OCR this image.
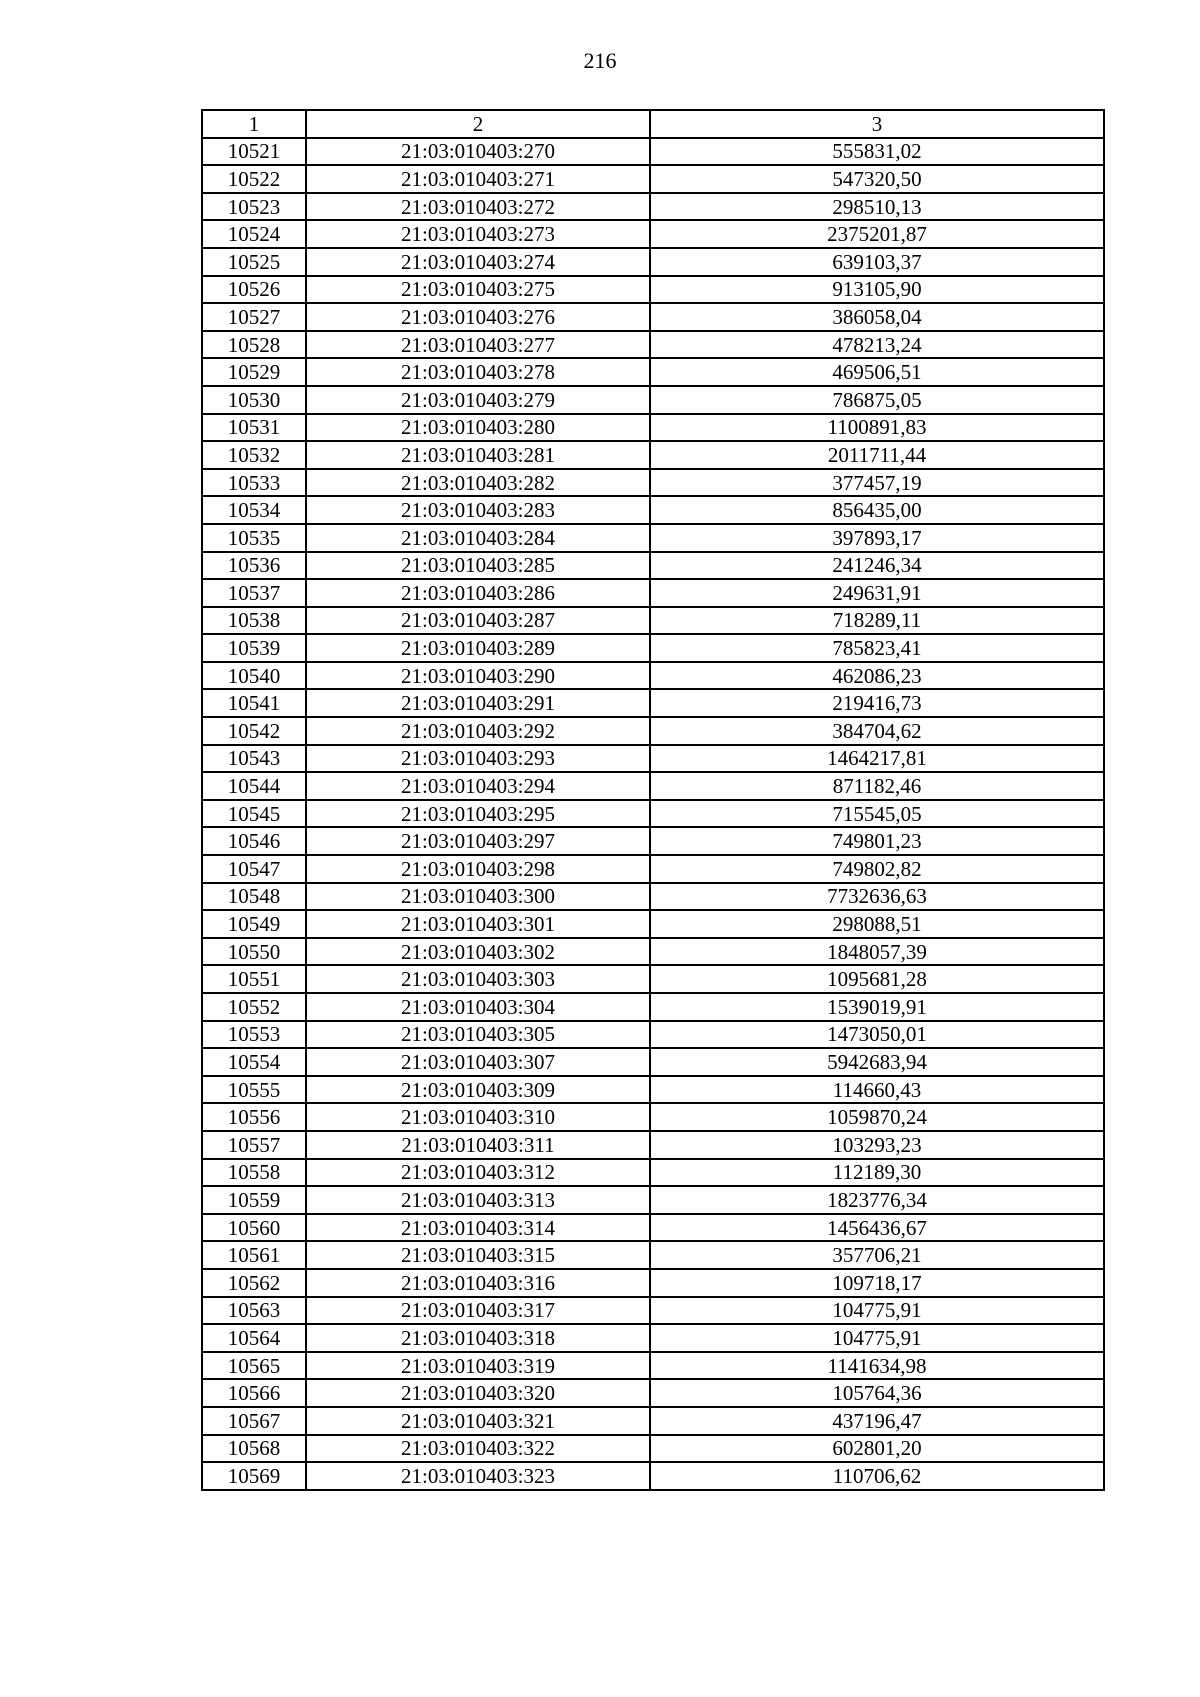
216
1	2	3
10521	21:03:010403:270	555831,02
10522	21:03:010403:271	547320,50
10523	21:03:010403:272	298510,13
10524	21:03:010403:273	2375201,87
10525	21:03:010403:274	639103,37
10526	21:03:010403:275	913105,90
10527	21:03:010403:276	386058,04
10528	21:03:010403:277	478213,24
10529	21:03:010403:278	469506,51
10530	21:03:010403:279	786875,05
10531	21:03:010403:280	1100891,83
10532	21:03:010403:281	2011711,44
10533	21:03:010403:282	377457,19
10534	21:03:010403:283	856435,00
10535	21:03:010403:284	397893,17
10536	21:03:010403:285	241246,34
10537	21:03:010403:286	249631,91
10538	21:03:010403:287	718289,11
10539	21:03:010403:289	785823,41
10540	21:03:010403:290	462086,23
10541	21:03:010403:291	219416,73
10542	21:03:010403:292	384704,62
10543	21:03:010403:293	1464217,81
10544	21:03:010403:294	871182,46
10545	21:03:010403:295	715545,05
10546	21:03:010403:297	749801,23
10547	21:03:010403:298	749802,82
10548	21:03:010403:300	7732636,63
10549	21:03:010403:301	298088,51
10550	21:03:010403:302	1848057,39
10551	21:03:010403:303	1095681,28
10552	21:03:010403:304	1539019,91
10553	21:03:010403:305	1473050,01
10554	21:03:010403:307	5942683,94
10555	21:03:010403:309	114660,43
10556	21:03:010403:310	1059870,24
10557	21:03:010403:311	103293,23
10558	21:03:010403:312	112189,30
10559	21:03:010403:313	1823776,34
10560	21:03:010403:314	1456436,67
10561	21:03:010403:315	357706,21
10562	21:03:010403:316	109718,17
10563	21:03:010403:317	104775,91
10564	21:03:010403:318	104775,91
10565	21:03:010403:319	1141634,98
10566	21:03:010403:320	105764,36
10567	21:03:010403:321	437196,47
10568	21:03:010403:322	602801,20
10569	21:03:010403:323	110706,62
